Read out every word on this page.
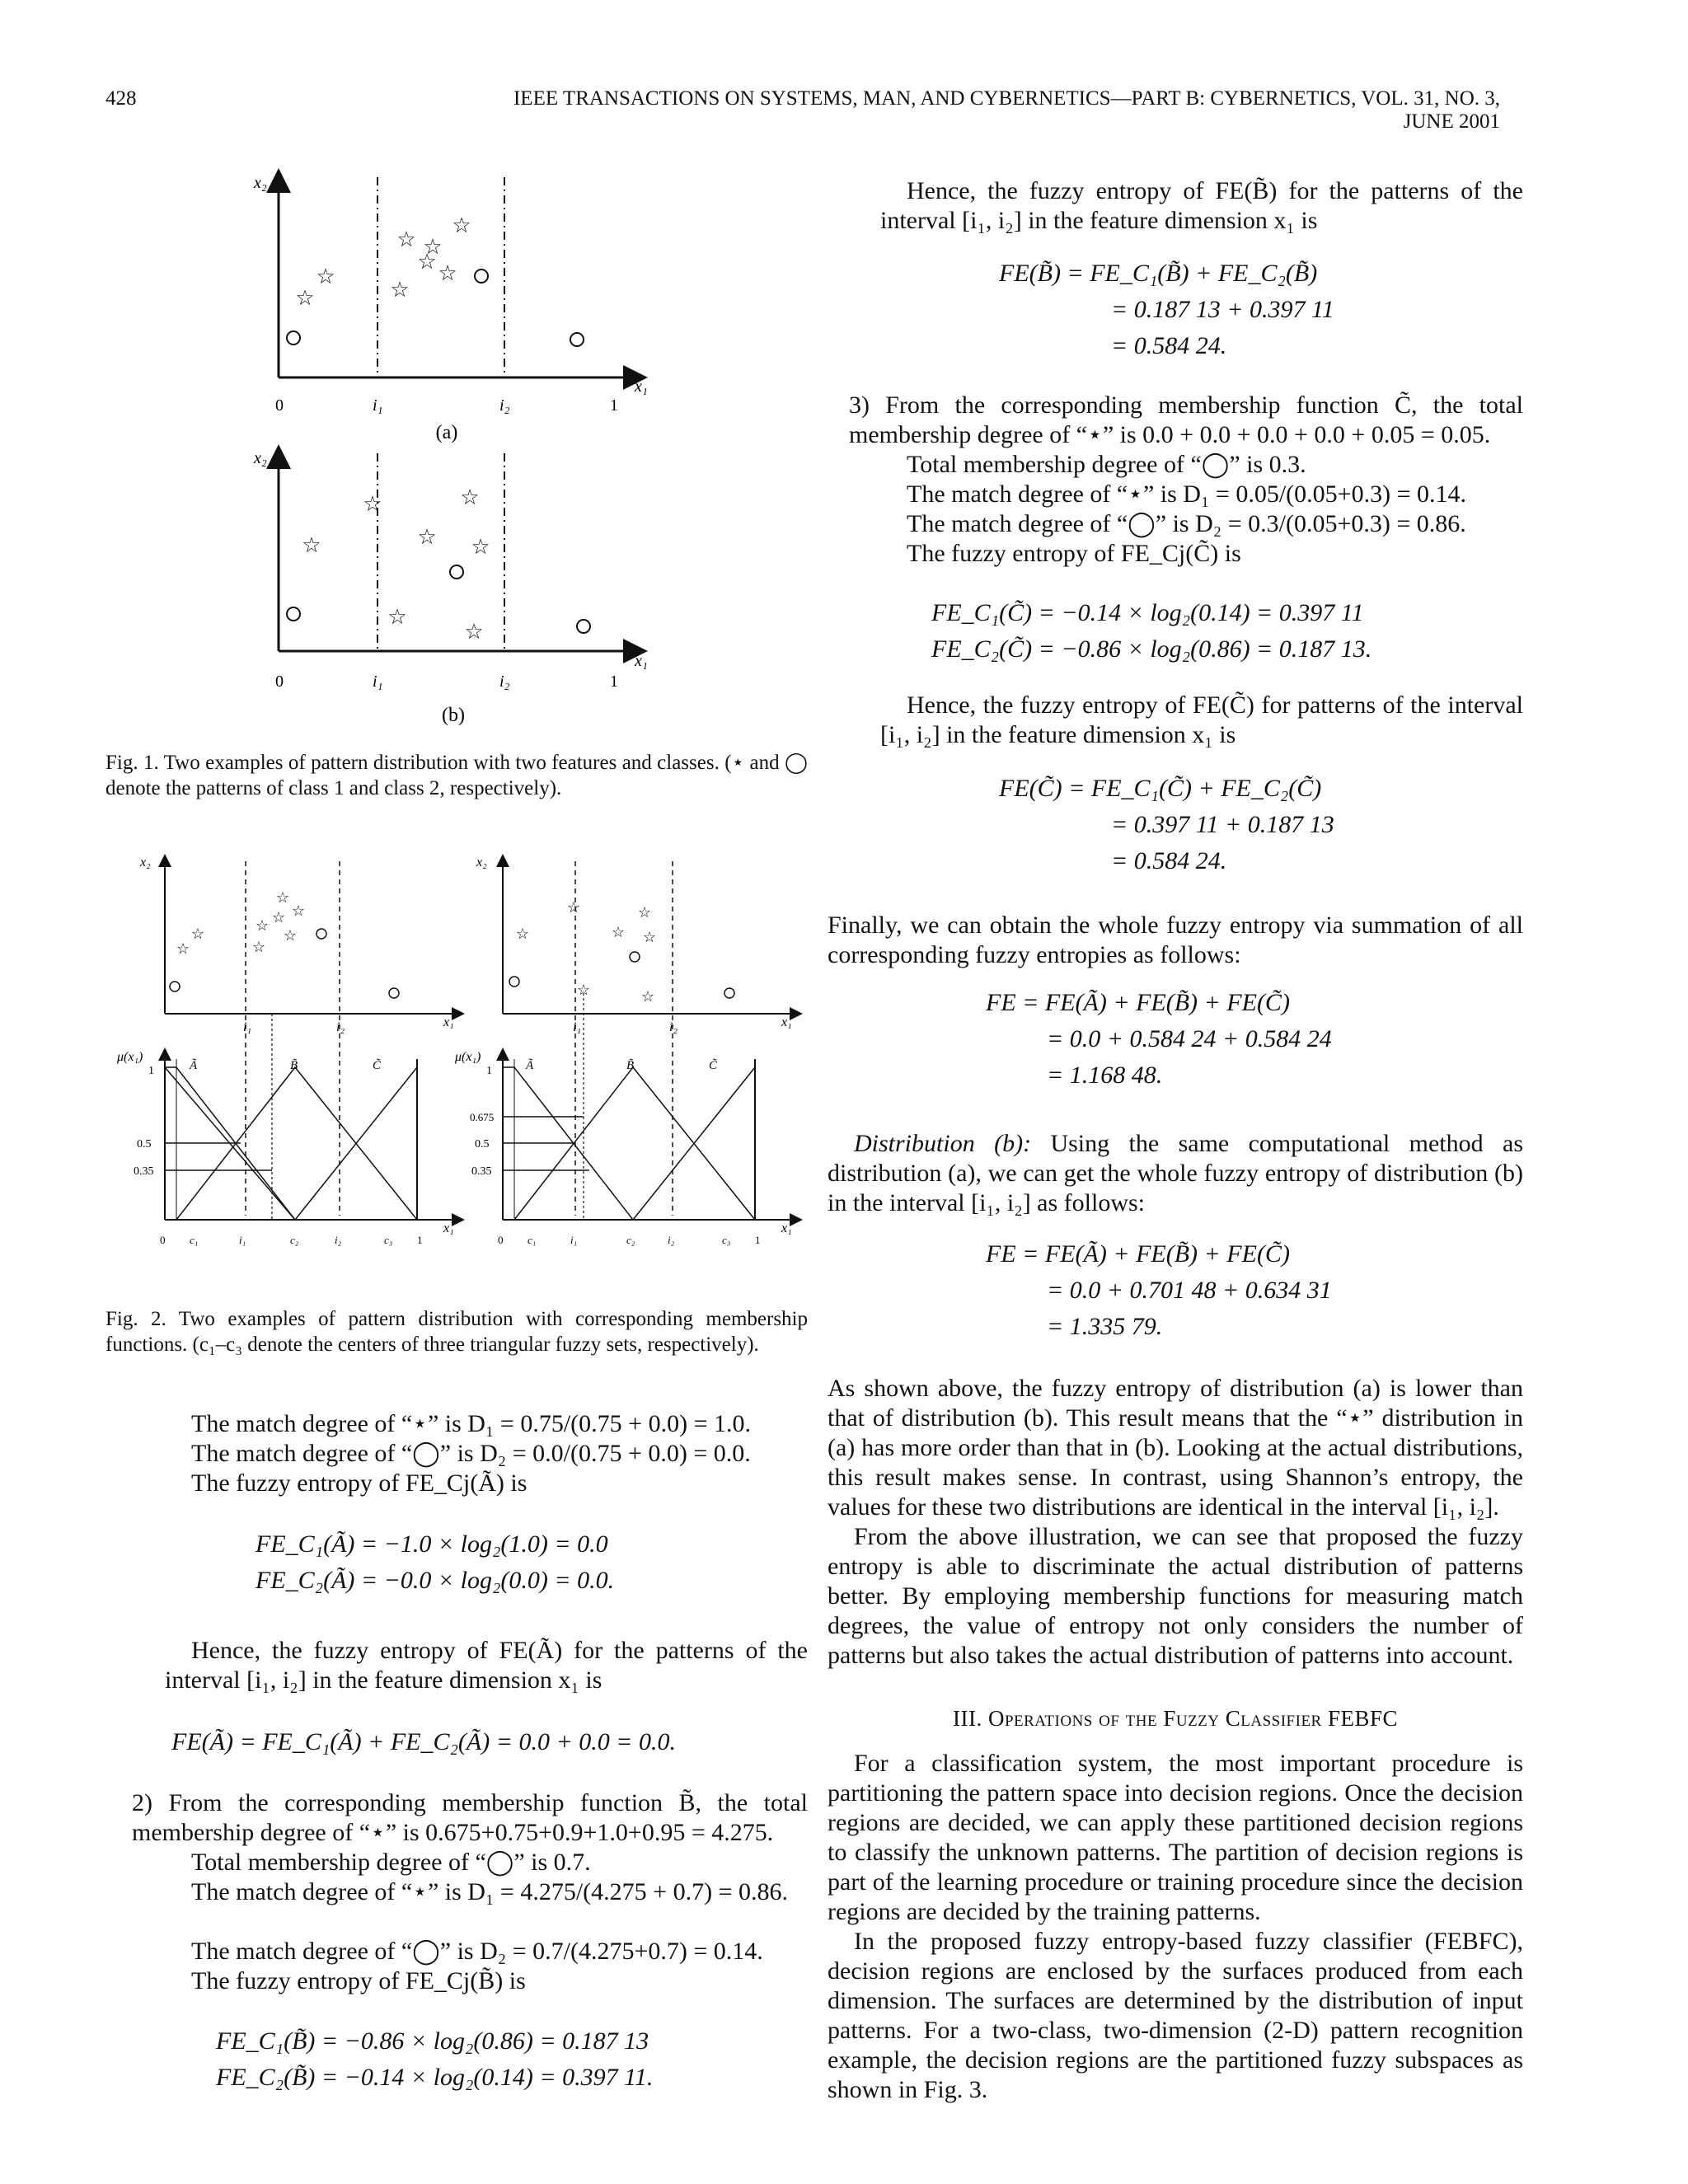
428	IEEE TRANSACTIONS ON SYSTEMS, MAN, AND CYBERNETICS—PART B: CYBERNETICS, VOL. 31, NO. 3, JUNE 2001
☆
☆
☆
☆ ☆
☆
☆
☆
x₂
x₁
0	i₁	i₂	1
(a)
☆
☆	☆
☆ ☆
☆
☆
x₂
x₁
0	i₁	i₂	1
(b)
Fig. 1. Two examples of pattern distribution with two features and classes. (⋆ and ◯ denote the patterns of class 1 and class 2, respectively).
☆
☆	☆ ☆
☆
☆
☆
☆
x₂
x₁
i₁	i₂
μ(x₁)
1
0.5
0.35
Ã	B̃	C̃
x₁
0 c₁	i₁	c₂	i₂	c₃ 1
☆
☆	☆
☆ ☆
☆	☆
x₂
x₁
i₁	i₂
μ(x₁)
1
0.675
0.5
0.35
Ã	B̃	C̃
x₁
0 c₁	i₁	c₂	i₂	c₃ 1
Fig. 2. Two examples of pattern distribution with corresponding membership functions. (c₁–c₃ denote the centers of three triangular fuzzy sets, respectively).
The match degree of “⋆” is D₁ = 0.75/(0.75 + 0.0) = 1.0.
The match degree of “◯” is D₂ = 0.0/(0.75 + 0.0) = 0.0.
The fuzzy entropy of FE_Cj(Ã) is
FE_C₁(Ã) = −1.0 × log₂(1.0) = 0.0
FE_C₂(Ã) = −0.0 × log₂(0.0) = 0.0.
Hence, the fuzzy entropy of FE(Ã) for the patterns of the interval [i₁, i₂] in the feature dimension x₁ is
FE(Ã) = FE_C₁(Ã) + FE_C₂(Ã) = 0.0 + 0.0 = 0.0.
2) From the corresponding membership function B̃, the total membership degree of “⋆” is 0.675+0.75+0.9+1.0+0.95 = 4.275.
Total membership degree of “◯” is 0.7.
The match degree of “⋆” is D₁ = 4.275/(4.275 + 0.7) = 0.86.
The match degree of “◯” is D₂ = 0.7/(4.275+0.7) = 0.14.
The fuzzy entropy of FE_Cj(B̃) is
FE_C₁(B̃) = −0.86 × log₂(0.86) = 0.187 13
FE_C₂(B̃) = −0.14 × log₂(0.14) = 0.397 11.
Hence, the fuzzy entropy of FE(B̃) for the patterns of the interval [i₁, i₂] in the feature dimension x₁ is
FE(B̃) = FE_C₁(B̃) + FE_C₂(B̃)
= 0.187 13 + 0.397 11
= 0.584 24.
3) From the corresponding membership function C̃, the total membership degree of “⋆” is 0.0 + 0.0 + 0.0 + 0.0 + 0.05 = 0.05.
Total membership degree of “◯” is 0.3.
The match degree of “⋆” is D₁ = 0.05/(0.05+0.3) = 0.14.
The match degree of “◯” is D₂ = 0.3/(0.05+0.3) = 0.86.
The fuzzy entropy of FE_Cj(C̃) is
FE_C₁(C̃) = −0.14 × log₂(0.14) = 0.397 11
FE_C₂(C̃) = −0.86 × log₂(0.86) = 0.187 13.
Hence, the fuzzy entropy of FE(C̃) for patterns of the interval [i₁, i₂] in the feature dimension x₁ is
FE(C̃) = FE_C₁(C̃) + FE_C₂(C̃)
= 0.397 11 + 0.187 13
= 0.584 24.
Finally, we can obtain the whole fuzzy entropy via summation of all corresponding fuzzy entropies as follows:
FE = FE(Ã) + FE(B̃) + FE(C̃)
= 0.0 + 0.584 24 + 0.584 24
= 1.168 48.
Distribution (b): Using the same computational method as distribution (a), we can get the whole fuzzy entropy of distribution (b) in the interval [i₁, i₂] as follows:
FE = FE(Ã) + FE(B̃) + FE(C̃)
= 0.0 + 0.701 48 + 0.634 31
= 1.335 79.
As shown above, the fuzzy entropy of distribution (a) is lower than that of distribution (b). This result means that the “⋆” distribution in (a) has more order than that in (b). Looking at the actual distributions, this result makes sense. In contrast, using Shannon’s entropy, the values for these two distributions are identical in the interval [i₁, i₂].
From the above illustration, we can see that proposed the fuzzy entropy is able to discriminate the actual distribution of patterns better. By employing membership functions for measuring match degrees, the value of entropy not only considers the number of patterns but also takes the actual distribution of patterns into account.
III. Operations of the Fuzzy Classifier FEBFC
For a classification system, the most important procedure is partitioning the pattern space into decision regions. Once the decision regions are decided, we can apply these partitioned decision regions to classify the unknown patterns. The partition of decision regions is part of the learning procedure or training procedure since the decision regions are decided by the training patterns.
In the proposed fuzzy entropy-based fuzzy classifier (FEBFC), decision regions are enclosed by the surfaces produced from each dimension. The surfaces are determined by the distribution of input patterns. For a two-class, two-dimension (2-D) pattern recognition example, the decision regions are the partitioned fuzzy subspaces as shown in Fig. 3.
